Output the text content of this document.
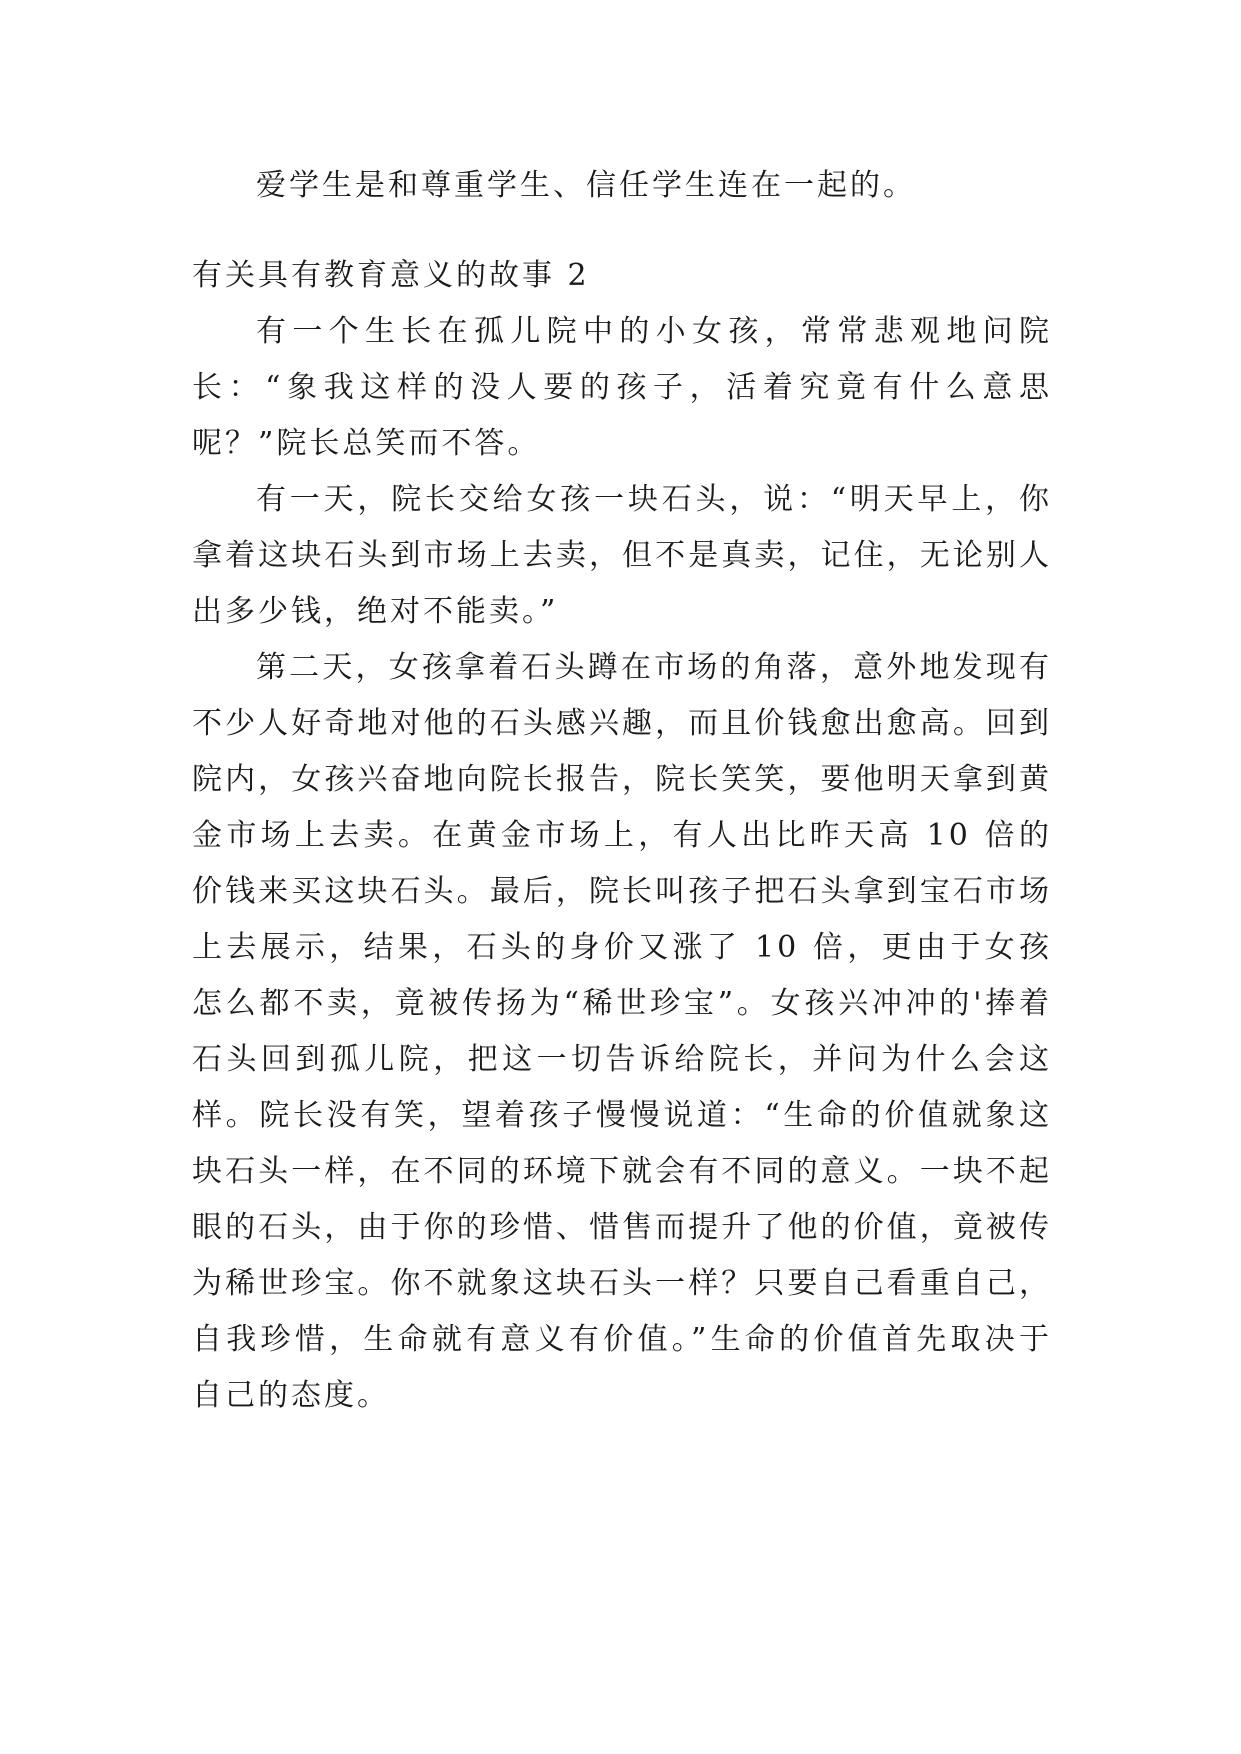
爱学生是和尊重学生、信任学生连在一起的。

有关具有教育意义的故事 2

有一个生长在孤儿院中的小女孩，常常悲观地问院长：“象我这样的没人要的孩子，活着究竟有什么意思呢？”院长总笑而不答。

有一天，院长交给女孩一块石头，说：“明天早上，你拿着这块石头到市场上去卖，但不是真卖，记住，无论别人出多少钱，绝对不能卖。”

第二天，女孩拿着石头蹲在市场的角落，意外地发现有不少人好奇地对他的石头感兴趣，而且价钱愈出愈高。回到院内，女孩兴奋地向院长报告，院长笑笑，要他明天拿到黄金市场上去卖。在黄金市场上，有人出比昨天高 10 倍的价钱来买这块石头。最后，院长叫孩子把石头拿到宝石市场上去展示，结果，石头的身价又涨了 10 倍，更由于女孩怎么都不卖，竟被传扬为“稀世珍宝”。女孩兴冲冲的'捧着石头回到孤儿院，把这一切告诉给院长，并问为什么会这样。院长没有笑，望着孩子慢慢说道：“生命的价值就象这块石头一样，在不同的环境下就会有不同的意义。一块不起眼的石头，由于你的珍惜、惜售而提升了他的价值，竟被传为稀世珍宝。你不就象这块石头一样？只要自己看重自己，自我珍惜，生命就有意义有价值。”生命的价值首先取决于自己的态度。
